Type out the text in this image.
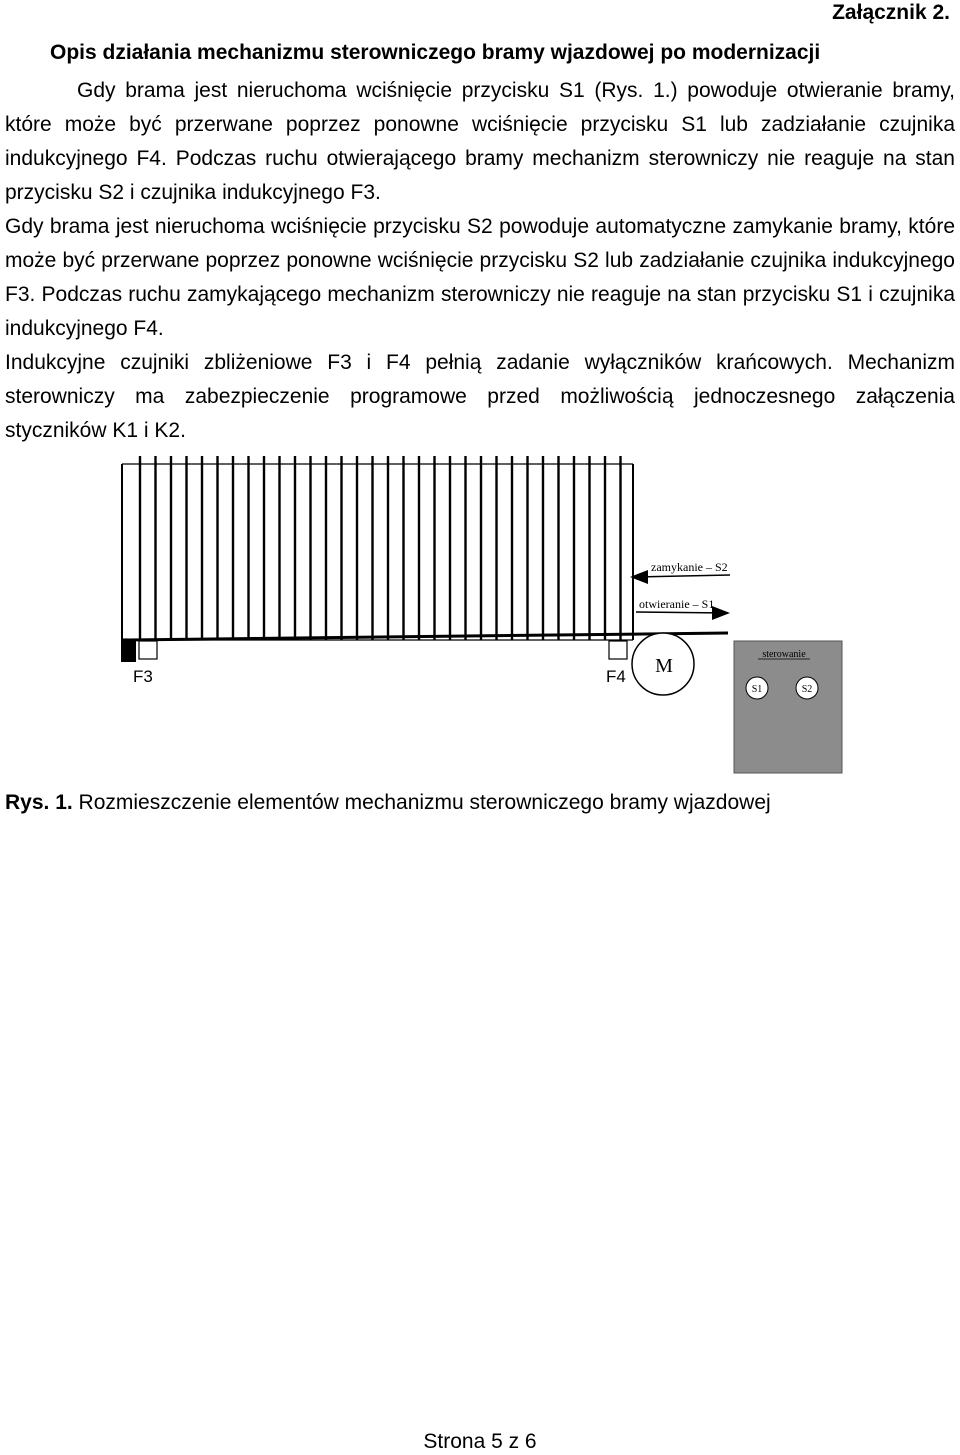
Załącznik 2.
Opis działania mechanizmu sterowniczego bramy wjazdowej po modernizacji
Gdy brama jest nieruchoma wciśnięcie przycisku S1 (Rys. 1.) powoduje otwieranie bramy, które może być przerwane poprzez ponowne wciśnięcie przycisku S1 lub zadziałanie czujnika indukcyjnego F4. Podczas ruchu otwierającego bramy mechanizm sterowniczy nie reaguje na stan przycisku S2 i czujnika indukcyjnego F3.
Gdy brama jest nieruchoma wciśnięcie przycisku S2 powoduje automatyczne zamykanie bramy, które może być przerwane poprzez ponowne wciśnięcie przycisku S2 lub zadziałanie czujnika indukcyjnego F3. Podczas ruchu zamykającego mechanizm sterowniczy nie reaguje na stan przycisku S1 i czujnika indukcyjnego F4.
Indukcyjne czujniki zbliżeniowe F3 i F4 pełnią zadanie wyłączników krańcowych. Mechanizm sterowniczy ma zabezpieczenie programowe przed możliwością jednoczesnego załączenia styczników K1 i K2.
zamykanie – S2
otwieranie – S1
F3	F4 M
sterowanie
S1	S2
Rys. 1. Rozmieszczenie elementów mechanizmu sterowniczego bramy wjazdowej
Strona 5 z 6
